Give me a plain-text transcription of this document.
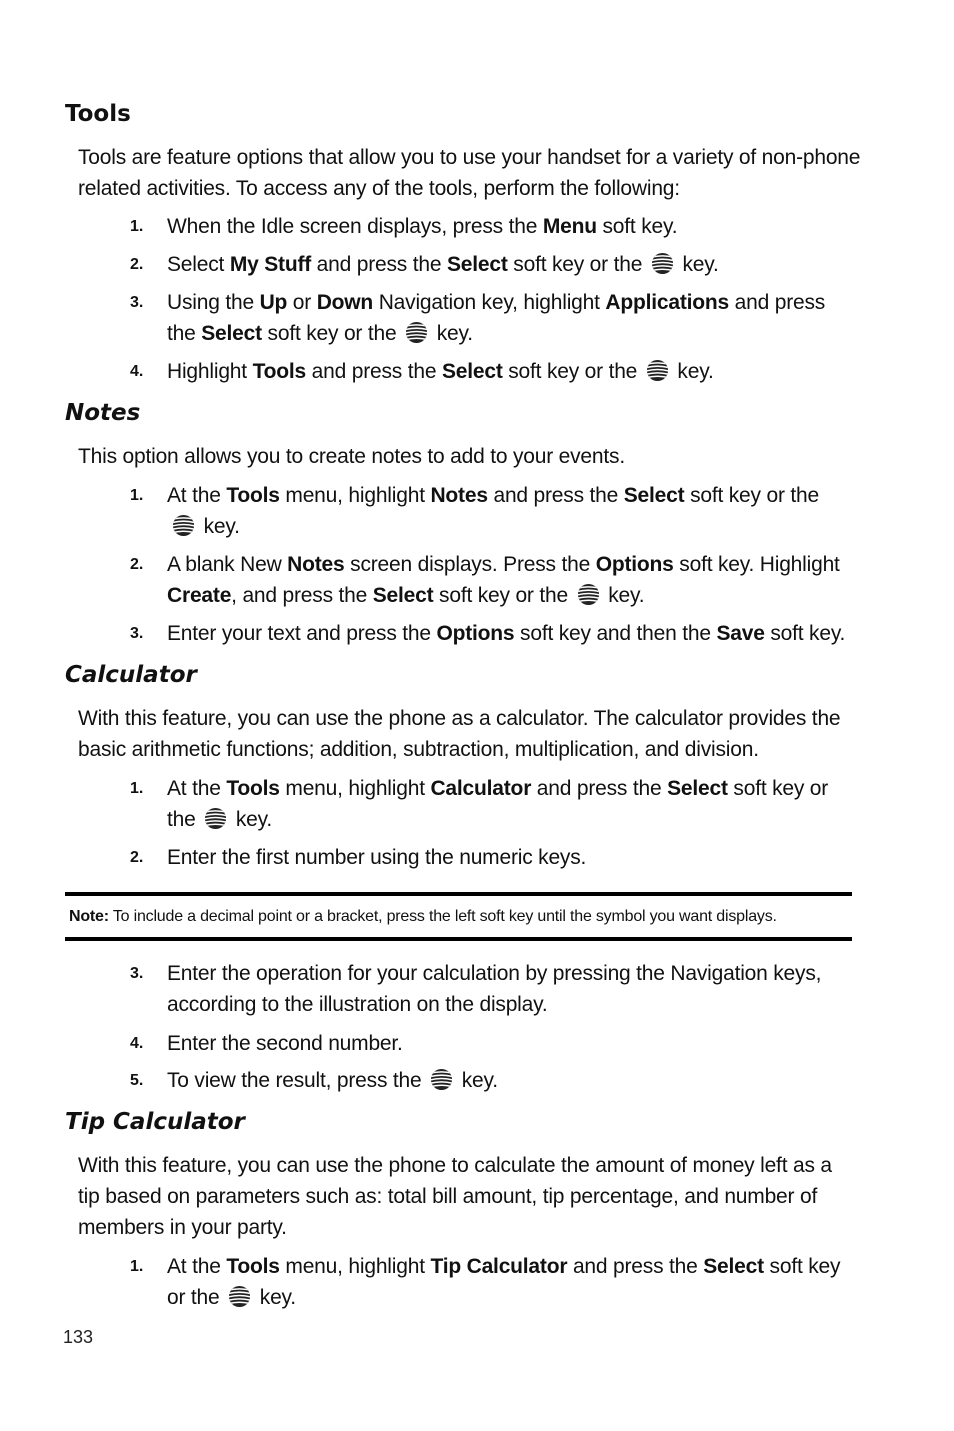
Tools

Tools are feature options that allow you to use your handset for a variety of non-phone related activities. To access any of the tools, perform the following:

1. When the Idle screen displays, press the Menu soft key.
2. Select My Stuff and press the Select soft key or the
key.
3. Using the Up or Down Navigation key, highlight Applications and press the Select soft key or the
key.
4. Highlight Tools and press the Select soft key or the
key.
Notes

This option allows you to create notes to add to your events.

1. At the Tools menu, highlight Notes and press the Select soft key or the

key.
2. A blank New Notes screen displays. Press the Options soft key. Highlight Create, and press the Select soft key or the
key.
3. Enter your text and press the Options soft key and then the Save soft key.
Calculator

With this feature, you can use the phone as a calculator. The calculator provides the basic arithmetic functions; addition, subtraction, multiplication, and division.

1. At the Tools menu, highlight Calculator and press the Select soft key or the
key.
2. Enter the first number using the numeric keys.
Note: To include a decimal point or a bracket, press the left soft key until the symbol you want displays.
3. Enter the operation for your calculation by pressing the Navigation keys, according to the illustration on the display.
4. Enter the second number.
5. To view the result, press the
key.
Tip Calculator

With this feature, you can use the phone to calculate the amount of money left as a tip based on parameters such as: total bill amount, tip percentage, and number of members in your party.

1. At the Tools menu, highlight Tip Calculator and press the Select soft key or the
key.
133
